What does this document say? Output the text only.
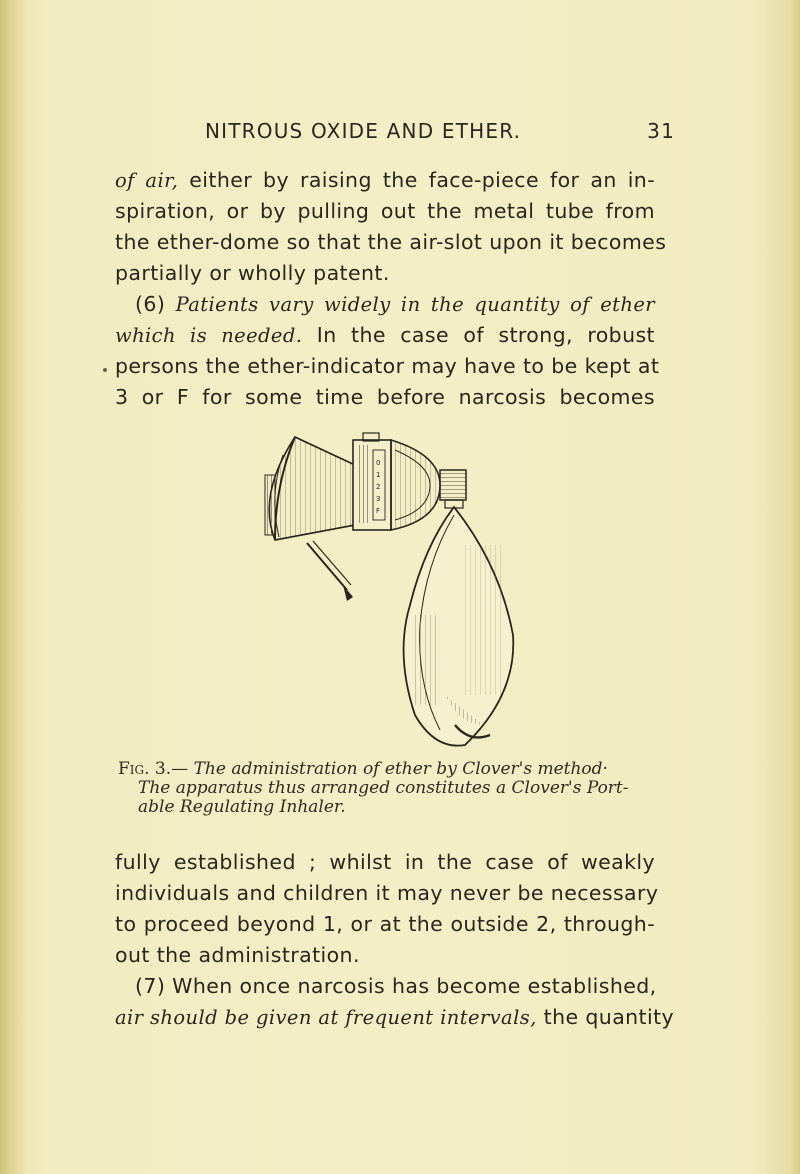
NITROUS OXIDE AND ETHER.	31
of air, either by raising the face-piece for an in-
spiration, or by pulling out the metal tube from
the ether-dome so that the air-slot upon it becomes
partially or wholly patent.
(6) Patients vary widely in the quantity of ether
which is needed. In the case of strong, robust
persons the ether-indicator may have to be kept at
3 or F for some time before narcosis becomes
0
1
2
3
F
Fig. 3.— The administration of ether by Clover's method·
The apparatus thus arranged constitutes a Clover's Port-
able Regulating Inhaler.
fully established ; whilst in the case of weakly
individuals and children it may never be necessary
to proceed beyond 1, or at the outside 2, through-
out the administration.
(7) When once narcosis has become established,
air should be given at frequent intervals, the quantity
